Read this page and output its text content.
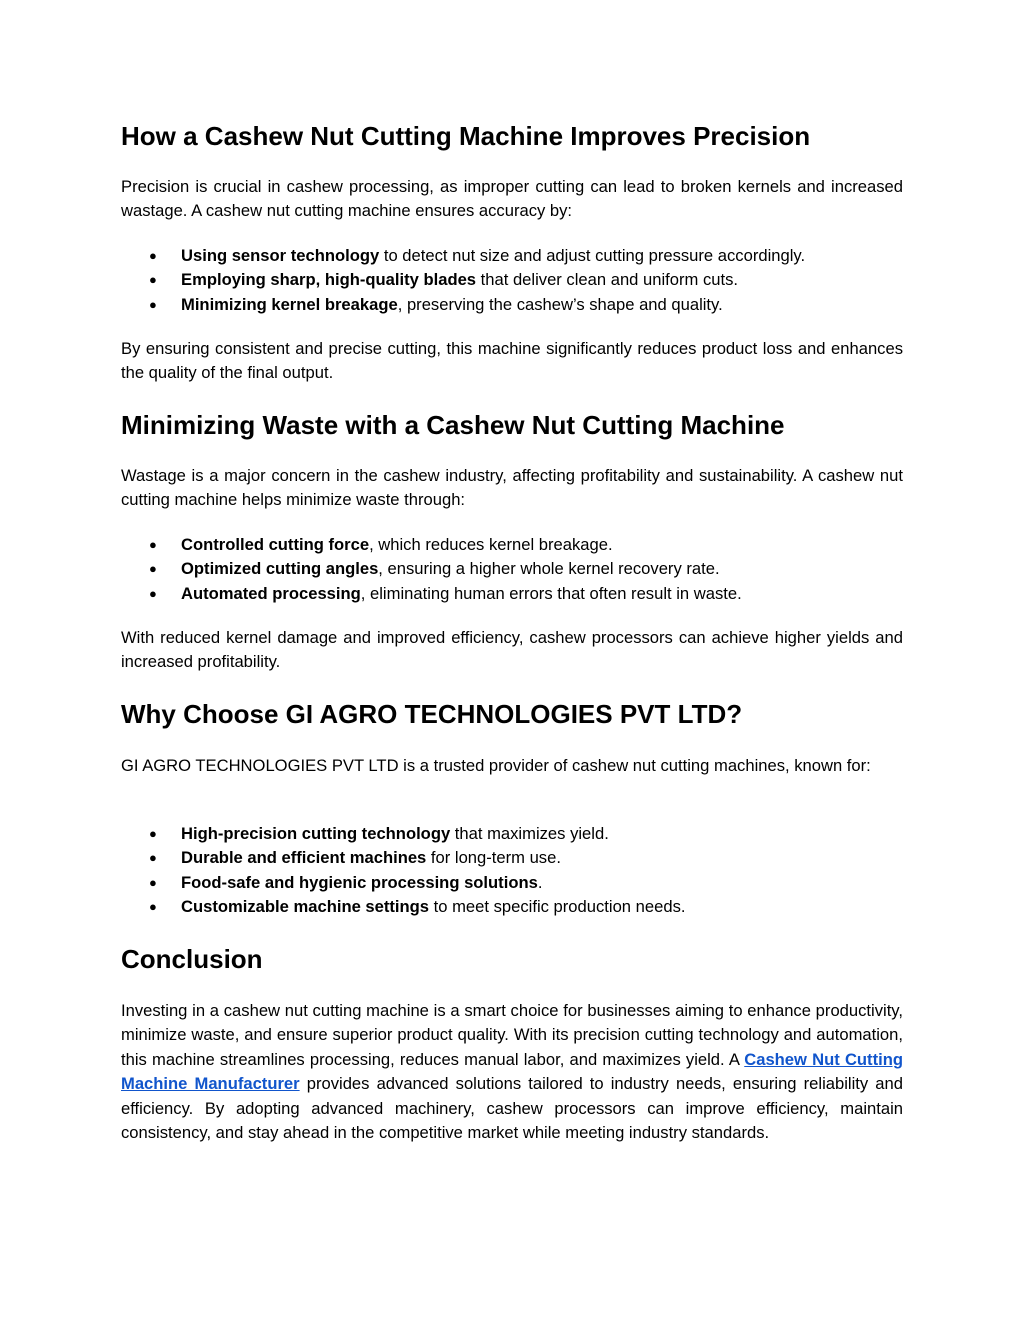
How a Cashew Nut Cutting Machine Improves Precision

Precision is crucial in cashew processing, as improper cutting can lead to broken kernels and increased wastage. A cashew nut cutting machine ensures accuracy by:

● Using sensor technology to detect nut size and adjust cutting pressure accordingly.
● Employing sharp, high-quality blades that deliver clean and uniform cuts.
● Minimizing kernel breakage, preserving the cashew’s shape and quality.

By ensuring consistent and precise cutting, this machine significantly reduces product loss and enhances the quality of the final output.

Minimizing Waste with a Cashew Nut Cutting Machine

Wastage is a major concern in the cashew industry, affecting profitability and sustainability. A cashew nut cutting machine helps minimize waste through:

● Controlled cutting force, which reduces kernel breakage.
● Optimized cutting angles, ensuring a higher whole kernel recovery rate.
● Automated processing, eliminating human errors that often result in waste.

With reduced kernel damage and improved efficiency, cashew processors can achieve higher yields and increased profitability.

Why Choose GI AGRO TECHNOLOGIES PVT LTD?

GI AGRO TECHNOLOGIES PVT LTD is a trusted provider of cashew nut cutting machines, known for:

● High-precision cutting technology that maximizes yield.
● Durable and efficient machines for long-term use.
● Food-safe and hygienic processing solutions.
● Customizable machine settings to meet specific production needs.
Conclusion

Investing in a cashew nut cutting machine is a smart choice for businesses aiming to enhance productivity, minimize waste, and ensure superior product quality. With its precision cutting technology and automation, this machine streamlines processing, reduces manual labor, and maximizes yield. A Cashew Nut Cutting Machine Manufacturer provides advanced solutions tailored to industry needs, ensuring reliability and efficiency. By adopting advanced machinery, cashew processors can improve efficiency, maintain consistency, and stay ahead in the competitive market while meeting industry standards.
